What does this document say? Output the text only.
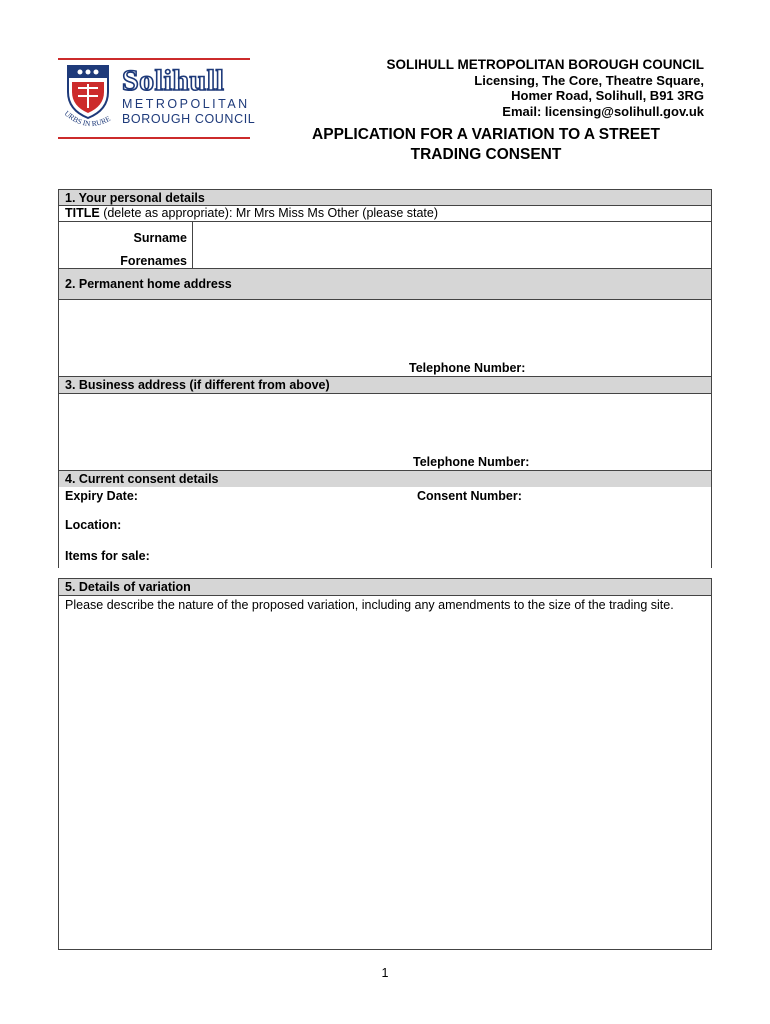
URBS IN RURE
Solihull
METROPOLITAN
BOROUGH COUNCIL
SOLIHULL METROPOLITAN BOROUGH COUNCIL
Licensing, The Core, Theatre Square,
Homer Road, Solihull, B91 3RG
Email: licensing@solihull.gov.uk
APPLICATION FOR A VARIATION TO A STREET
TRADING CONSENT
1. Your personal details
TITLE (delete as appropriate): Mr Mrs Miss Ms Other (please state)
Surname
Forenames
2. Permanent home address
Telephone Number:
3. Business address (if different from above)
Telephone Number:
4. Current consent details
Expiry Date:	Consent Number:
Location:
Items for sale:
5. Details of variation
Please describe the nature of the proposed variation, including any amendments to the size of the trading site.
1
